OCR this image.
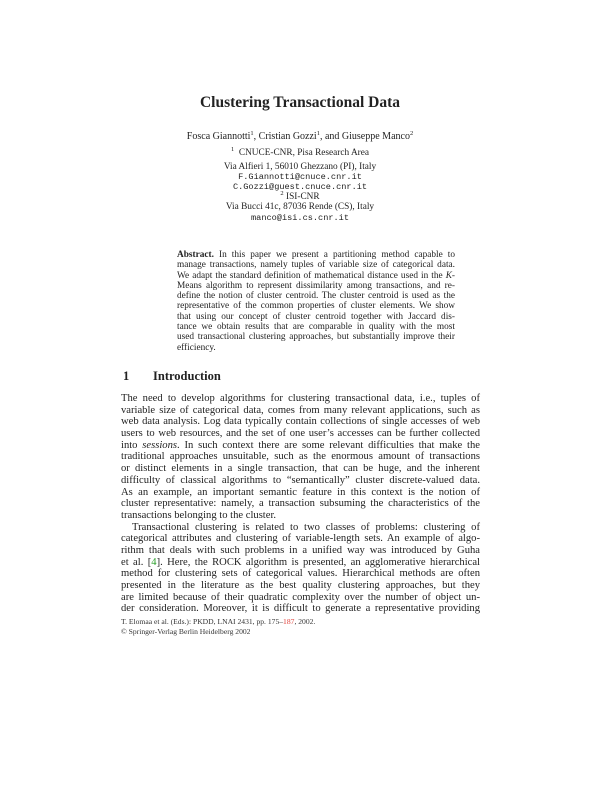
Clustering Transactional Data
Fosca Giannotti$^1$, Cristian Gozzi$^1$, and Giuseppe Manco$^2$
$^1$ CNUCE-CNR, Pisa Research Area
Via Alfieri 1, 56010 Ghezzano (PI), Italy
F.Giannotti@cnuce.cnr.it
C.Gozzi@guest.cnuce.cnr.it
$^2$ ISI-CNR
Via Bucci 41c, 87036 Rende (CS), Italy
manco@isi.cs.cnr.it
Abstract. In this paper we present a partitioning method capable to
manage transactions, namely tuples of variable size of categorical data.
We adapt the standard definition of mathematical distance used in the K-
Means algorithm to represent dissimilarity among transactions, and re-
define the notion of cluster centroid. The cluster centroid is used as the
representative of the common properties of cluster elements. We show
that using our concept of cluster centroid together with Jaccard dis-
tance we obtain results that are comparable in quality with the most
used transactional clustering approaches, but substantially improve their
efficiency.
1 Introduction
The need to develop algorithms for clustering transactional data, i.e., tuples of
variable size of categorical data, comes from many relevant applications, such as
web data analysis. Log data typically contain collections of single accesses of web
users to web resources, and the set of one user’s accesses can be further collected
into sessions. In such context there are some relevant difficulties that make the
traditional approaches unsuitable, such as the enormous amount of transactions
or distinct elements in a single transaction, that can be huge, and the inherent
difficulty of classical algorithms to “semantically” cluster discrete-valued data.
As an example, an important semantic feature in this context is the notion of
cluster representative: namely, a transaction subsuming the characteristics of the
transactions belonging to the cluster.
Transactional clustering is related to two classes of problems: clustering of
categorical attributes and clustering of variable-length sets. An example of algo-
rithm that deals with such problems in a unified way was introduced by Guha
et al. [4]. Here, the ROCK algorithm is presented, an agglomerative hierarchical
method for clustering sets of categorical values. Hierarchical methods are often
presented in the literature as the best quality clustering approaches, but they
are limited because of their quadratic complexity over the number of object un-
der consideration. Moreover, it is difficult to generate a representative providing
T. Elomaa et al. (Eds.): PKDD, LNAI 2431, pp. 175–187, 2002.
© Springer-Verlag Berlin Heidelberg 2002
